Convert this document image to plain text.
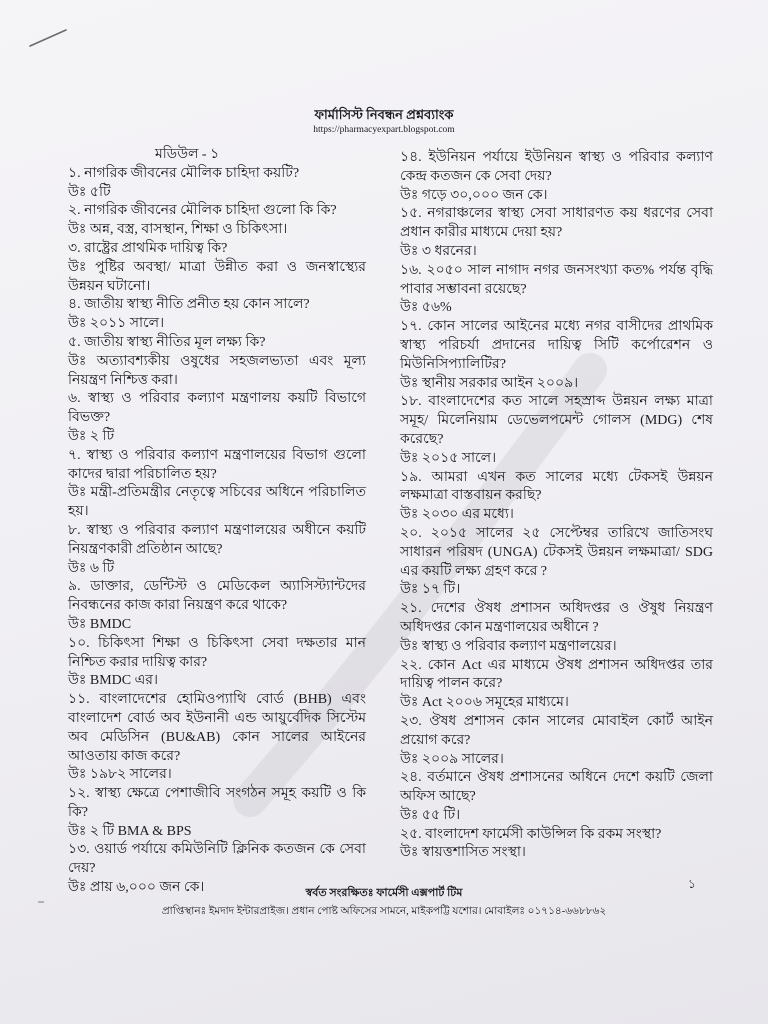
ফার্মাসিস্ট নিবন্ধন প্রশ্নব্যাংক
https://pharmacyexpart.blogspot.com

মডিউল - ১

১. নাগরিক জীবনের মৌলিক চাহিদা কয়টি?

উঃ ৫টি

২. নাগরিক জীবনের মৌলিক চাহিদা গুলো কি কি?

উঃ অন্ন, বস্ত্র, বাসস্থান, শিক্ষা ও চিকিৎসা।

৩. রাষ্ট্রের প্রাথমিক দায়িত্ব কি?

উঃ পুষ্টির অবস্থা/ মাত্রা উন্নীত করা ও জনস্বাস্থ্যের উন্নয়ন ঘটানো।

৪. জাতীয় স্বাস্থ্য নীতি প্রনীত হয় কোন সালে?

উঃ ২০১১ সালে।

৫. জাতীয় স্বাস্থ্য নীতির মূল লক্ষ্য কি?

উঃ অত্যাবশ্যকীয় ওষুধের সহজলভ্যতা এবং মূল্য নিয়ন্ত্রণ নিশ্চিত্ত করা।

৬. স্বাস্থ্য ও পরিবার কল্যাণ মন্ত্রণালয় কয়টি বিভাগে বিভক্ত?

উঃ ২ টি

৭. স্বাস্থ্য ও পরিবার কল্যাণ মন্ত্রণালয়ের বিভাগ গুলো কাদের দ্বারা পরিচালিত হয়?

উঃ মন্ত্রী-প্রতিমন্ত্রীর নেতৃত্বে সচিবের অধিনে পরিচালিত হয়।

৮. স্বাস্থ্য ও পরিবার কল্যাণ মন্ত্রণালয়ের অধীনে কয়টি নিয়ন্ত্রণকারী প্রতিষ্ঠান আছে?

উঃ ৬ টি

৯. ডাক্তার, ডেন্টিস্ট ও মেডিকেল অ্যাসিস্ট্যান্টদের নিবন্ধনের কাজ কারা নিয়ন্ত্রণ করে থাকে?

উঃ BMDC

১০. চিকিৎসা শিক্ষা ও চিকিৎসা সেবা দক্ষতার মান নিশ্চিত করার দায়িত্ব কার?

উঃ BMDC এর।

১১. বাংলাদেশের হোমিওপ্যাথি বোর্ড (BHB) এবং বাংলাদেশ বোর্ড অব ইউনানী এন্ড আয়ুর্বেদিক সিস্টেম অব মেডিসিন (BU&AB) কোন সালের আইনের আওতায় কাজ করে?

উঃ ১৯৮২ সালের।

১২. স্বাস্থ্য ক্ষেত্রে পেশাজীবি সংগঠন সমূহ কয়টি ও কি কি?

উঃ ২ টি BMA & BPS

১৩. ওয়ার্ড পর্যায়ে কমিউনিটি ক্লিনিক কতজন কে সেবা দেয়?

উঃ প্রায় ৬,০০০ জন কে।

১৪. ইউনিয়ন পর্যায়ে ইউনিয়ন স্বাস্থ্য ও পরিবার কল্যাণ কেন্দ্র কতজন কে সেবা দেয়?

উঃ গড়ে ৩০,০০০ জন কে।

১৫. নগরাঞ্চলের স্বাস্থ্য সেবা সাধারণত কয় ধরণের সেবা প্রধান কারীর মাধ্যমে দেয়া হয়?

উঃ ৩ ধরনের।

১৬. ২০৫০ সাল নাগাদ নগর জনসংখ্যা কত% পর্যন্ত বৃদ্ধি পাবার সম্ভাবনা রয়েছে?

উঃ ৫৬%

১৭. কোন সালের আইনের মধ্যে নগর বাসীদের প্রাথমিক স্বাস্থ্য পরিচর্যা প্রদানের দায়িত্ব সিটি কর্পোরেশন ও মিউনিসিপ্যালিটির?

উঃ স্থানীয় সরকার আইন ২০০৯।

১৮. বাংলাদেশের কত সালে সহস্রাব্দ উন্নয়ন লক্ষ্য মাত্রা সমূহ/ মিলেনিয়াম ডেভেলপমেন্ট গোলস (MDG) শেষ করেছে?

উঃ ২০১৫ সালে।

১৯. আমরা এখন কত সালের মধ্যে টেকসই উন্নয়ন লক্ষমাত্রা বাস্তবায়ন করছি?

উঃ ২০৩০ এর মধ্যে।

২০. ২০১৫ সালের ২৫ সেপ্টেম্বর তারিখে জাতিসংঘ সাধারন পরিষদ (UNGA) টেকসই উন্নয়ন লক্ষমাত্রা/ SDG এর কয়টি লক্ষ্য গ্রহণ করে ?

উঃ ১৭ টি।

২১. দেশের ঔষধ প্রশাসন অধিদপ্তর ও ঔষুধ নিয়ন্ত্রণ অধিদপ্তর কোন মন্ত্রণালয়ের অধীনে ?

উঃ স্বাস্থ্য ও পরিবার কল্যাণ মন্ত্রণালয়ের।

২২. কোন Act এর মাধ্যমে ঔষধ প্রশাসন অধিদপ্তর তার দায়িত্ব পালন করে?

উঃ Act ২০০৬ সমূহের মাধ্যমে।

২৩. ঔষধ প্রশাসন কোন সালের মোবাইল কোর্ট আইন প্রয়োগ করে?

উঃ ২০০৯ সালের।

২৪. বর্তমানে ঔষধ প্রশাসনের অধিনে দেশে কয়টি জেলা অফিস আছে?

উঃ ৫৫ টি।

২৫. বাংলাদেশ ফার্মেসী কাউন্সিল কি রকম সংস্থা?

উঃ স্বায়ত্তশাসিত সংস্থা।

১
স্বর্বত সংরক্ষিতঃ ফার্মেসী এক্সপার্ট টিম
প্রাপ্তিস্থানঃ ইমদাদ ইন্টারপ্রাইজ। প্রধান পোষ্ট অফিসের সামনে, মাইকপট্টি যশোর। মোবাইলঃ ০১৭১৪-৬৬৮৮৬২
